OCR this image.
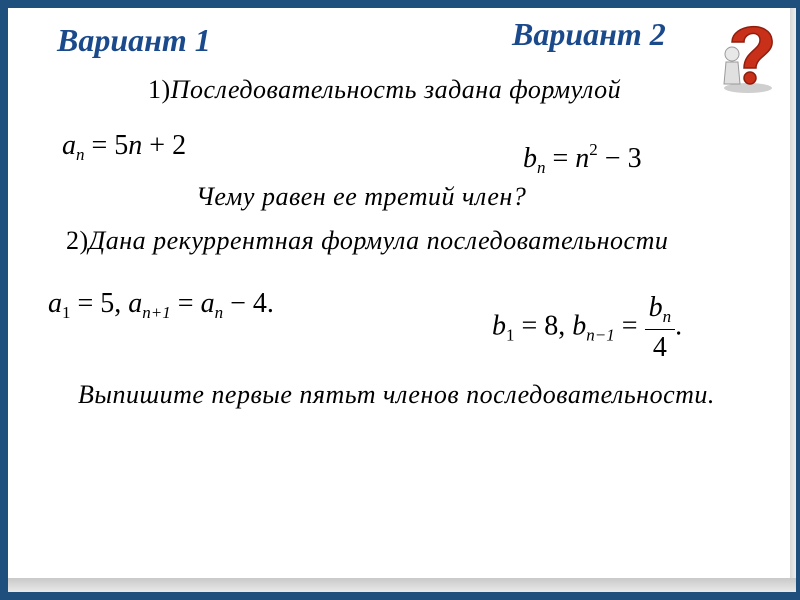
Вариант 1	Вариант 2
1)Последовательность задана формулой
$a_n = 5n + 2$	$b_n = n^2 - 3$
Чему равен ее третий член?
2)Дана рекуррентная формула последовательности
$a_1 = 5$, $a_{n+1} = a_n - 4$.
$b_1 = 8$, $b_{n-1} = \frac{b_n}{4}$ .
Выпишите первые пятьт членов последовательности.
